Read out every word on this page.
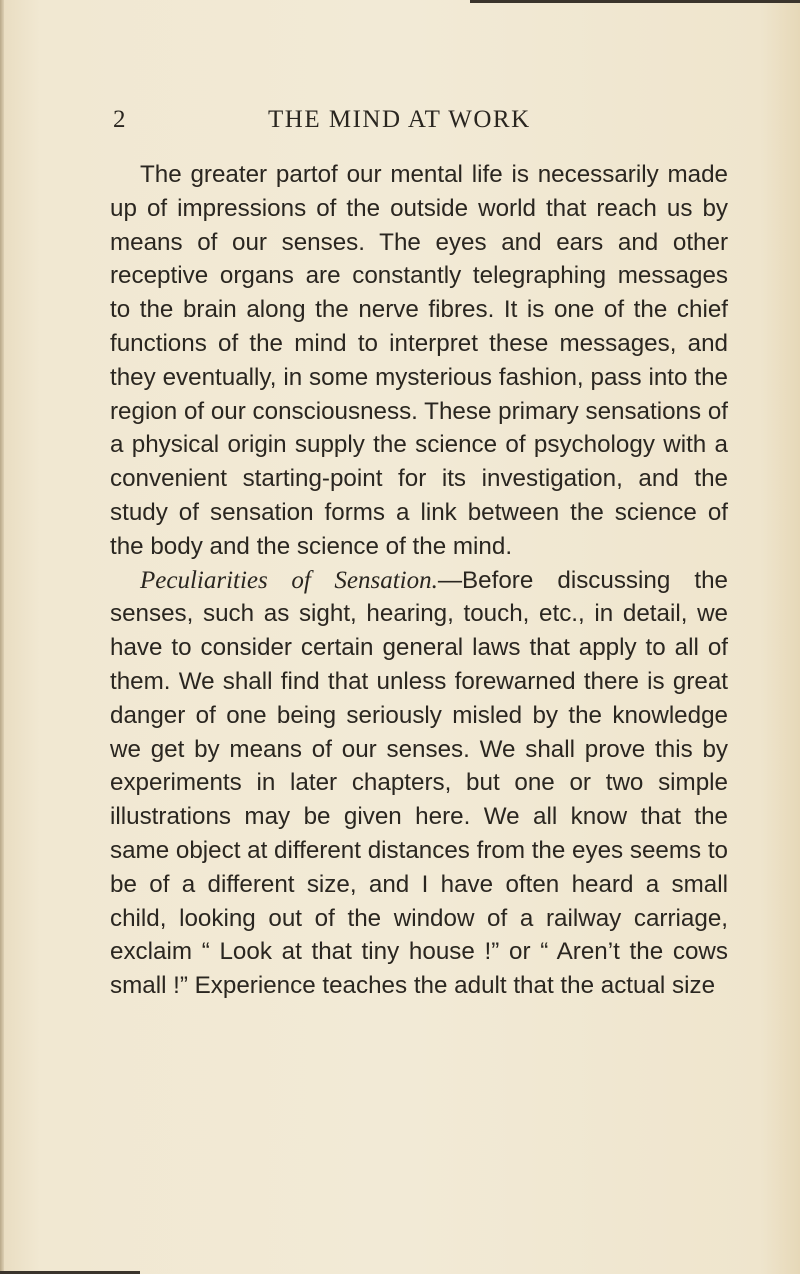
2	THE MIND AT WORK

The greater partof our mental life is necessarily made up of impressions of the outside world that reach us by means of our senses. The eyes and ears and other receptive organs are constantly telegraphing messages to the brain along the nerve fibres. It is one of the chief functions of the mind to interpret these messages, and they eventually, in some mysterious fashion, pass into the region of our consciousness. These primary sensations of a physical origin supply the science of psychology with a convenient starting-point for its investigation, and the study of sensation forms a link between the science of the body and the science of the mind.

Peculiarities of Sensation.—Before discussing the senses, such as sight, hearing, touch, etc., in detail, we have to consider certain general laws that apply to all of them. We shall find that unless forewarned there is great danger of one being seriously misled by the knowledge we get by means of our senses. We shall prove this by experiments in later chapters, but one or two simple illustrations may be given here. We all know that the same object at different distances from the eyes seems to be of a different size, and I have often heard a small child, looking out of the window of a railway carriage, exclaim “ Look at that tiny house !” or “ Aren’t the cows small !” Experience teaches the adult that the actual size
